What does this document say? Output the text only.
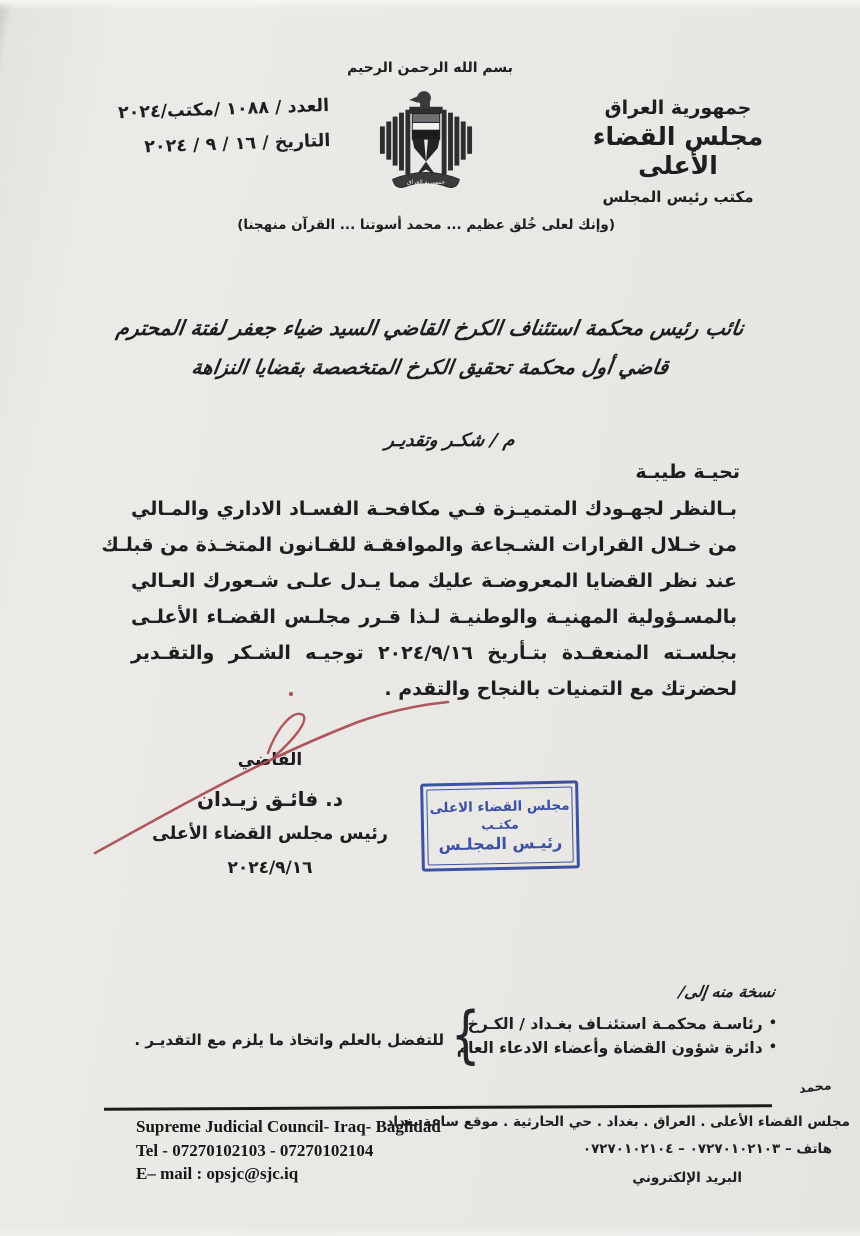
العدد / ١٠٨٨ /مكتب/٢٠٢٤
التاريخ / ١٦ / ٩ / ٢٠٢٤
جمهورية العراق
مجلس القضاء الأعلى
مكتب رئيس المجلس
بسم الله الرحمن الرحيم
جمهورية العراق
(وإنك لعلى خُلق عظيم ... محمد أسوتنا ... القرآن منهجنا)
نائب رئيس محكمة استئناف الكرخ القاضي السيد ضياء جعفر لفتة المحترم
قاضي أول محكمة تحقيق الكرخ المتخصصة بقضايا النزاهة
م / شكـر وتقديـر
تحيـة طيبـة
بـالنظر لجهـودك المتميـزة فـي مكافحـة الفسـاد الاداري والمـالي
من خـلال القرارات الشـجاعة والموافقـة للقـانون المتخـذة من قبلـك
عند نظر القضايا المعروضـة عليك مما يـدل علـى شـعورك العـالي
بالمسـؤولية المهنيـة والوطنيـة لـذا قـرر مجلـس القضـاء الأعلـى
بجلسـته المنعقـدة بتـأريخ ٢٠٢٤/٩/١٦ توجيـه الشـكر والتقـدير
لحضرتك مع التمنيات بالنجاح والتقدم .
القاضي
د. فائـق زيـدان
رئيس مجلس القضاء الأعلى
٢٠٢٤/٩/١٦
مجلس القضاء الاعلى
مكتـب
رئيـس المجلـس
نسخة منه إلى/
•رئاسـة محكمـة استئنـاف بغـداد / الكـرخ
•دائرة شؤون القضاة وأعضاء الادعاء العام
{
للتفضل بالعلم واتخاذ ما يلزم مع التقديـر .
محمد
Supreme Judicial Council- Iraq- Baghdad
Tel - 07270102103 - 07270102104
E– mail : opsjc@sjc.iq
مجلس القضاء الأعلى . العراق . بغداد . حي الحارثية . موقع ساعة بغداد
هاتف – ٠٧٢٧٠١٠٢١٠٣ – ٠٧٢٧٠١٠٢١٠٤
البريد الإلكتروني
